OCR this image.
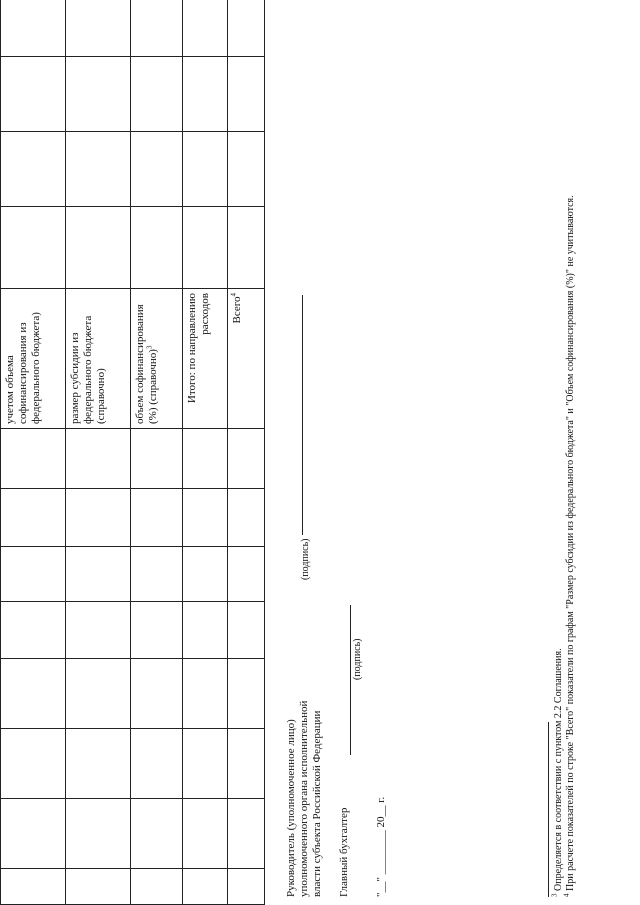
								учетом объема софинансирования из федерального бюджета)				
								размер субсидии из федерального бюджета (справочно)				
								объем софинансирования (%) (справочно)$^3$				
								Итого: по направлению расходов				
								Всего$^4$				
Руководитель (уполномоченное лицо) уполномоченного органа исполнительной власти субъекта Российской Федерации
(подпись)
Главный бухгалтер
(подпись)
"__" ________ 20__ г.	$^3$ Определяется в соответствии с пунктом 2.2 Соглашения.
$^4$ При расчете показателей по строке "Всего" показатели по графам "Размер субсидии из федерального бюджета" и "Объем софинансирования (%)" не учитываются.
